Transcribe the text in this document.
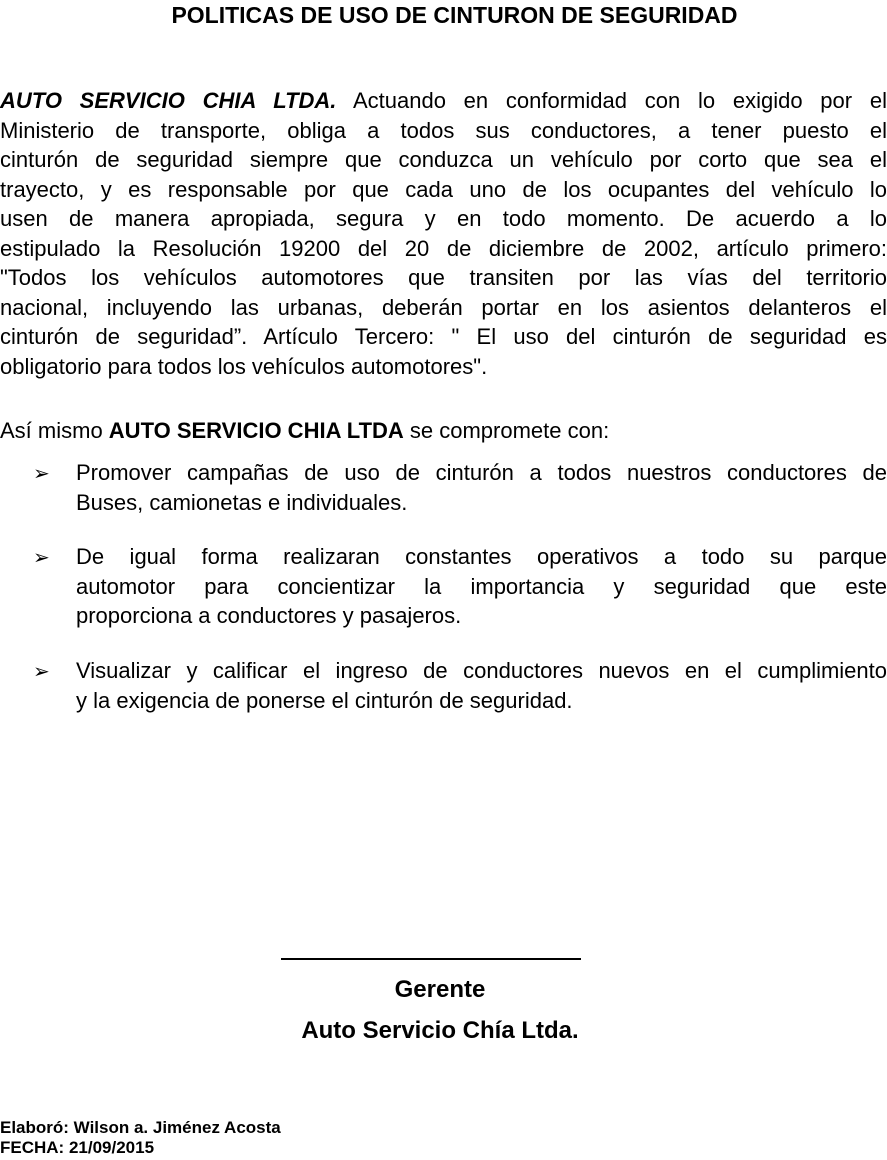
POLITICAS DE USO DE CINTURON DE SEGURIDAD
AUTO SERVICIO CHIA LTDA. Actuando en conformidad con lo exigido por el
Ministerio de transporte, obliga a todos sus conductores, a tener puesto el
cinturón de seguridad siempre que conduzca un vehículo por corto que sea el
trayecto, y es responsable por que cada uno de los ocupantes del vehículo lo
usen de manera apropiada, segura y en todo momento. De acuerdo a lo
estipulado la Resolución 19200 del 20 de diciembre de 2002, artículo primero:
"Todos los vehículos automotores que transiten por las vías del territorio
nacional, incluyendo las urbanas, deberán portar en los asientos delanteros el
cinturón de seguridad”. Artículo Tercero: " El uso del cinturón de seguridad es
obligatorio para todos los vehículos automotores".
Así mismo AUTO SERVICIO CHIA LTDA se compromete con:
➢ Promover campañas de uso de cinturón a todos nuestros conductores de
Buses, camionetas e individuales.
➢ De igual forma realizaran constantes operativos a todo su parque
automotor para concientizar la importancia y seguridad que este
proporciona a conductores y pasajeros.
➢ Visualizar y calificar el ingreso de conductores nuevos en el cumplimiento
y la exigencia de ponerse el cinturón de seguridad.
Gerente
Auto Servicio Chía Ltda.
Elaboró: Wilson a. Jiménez Acosta
FECHA: 21/09/2015
